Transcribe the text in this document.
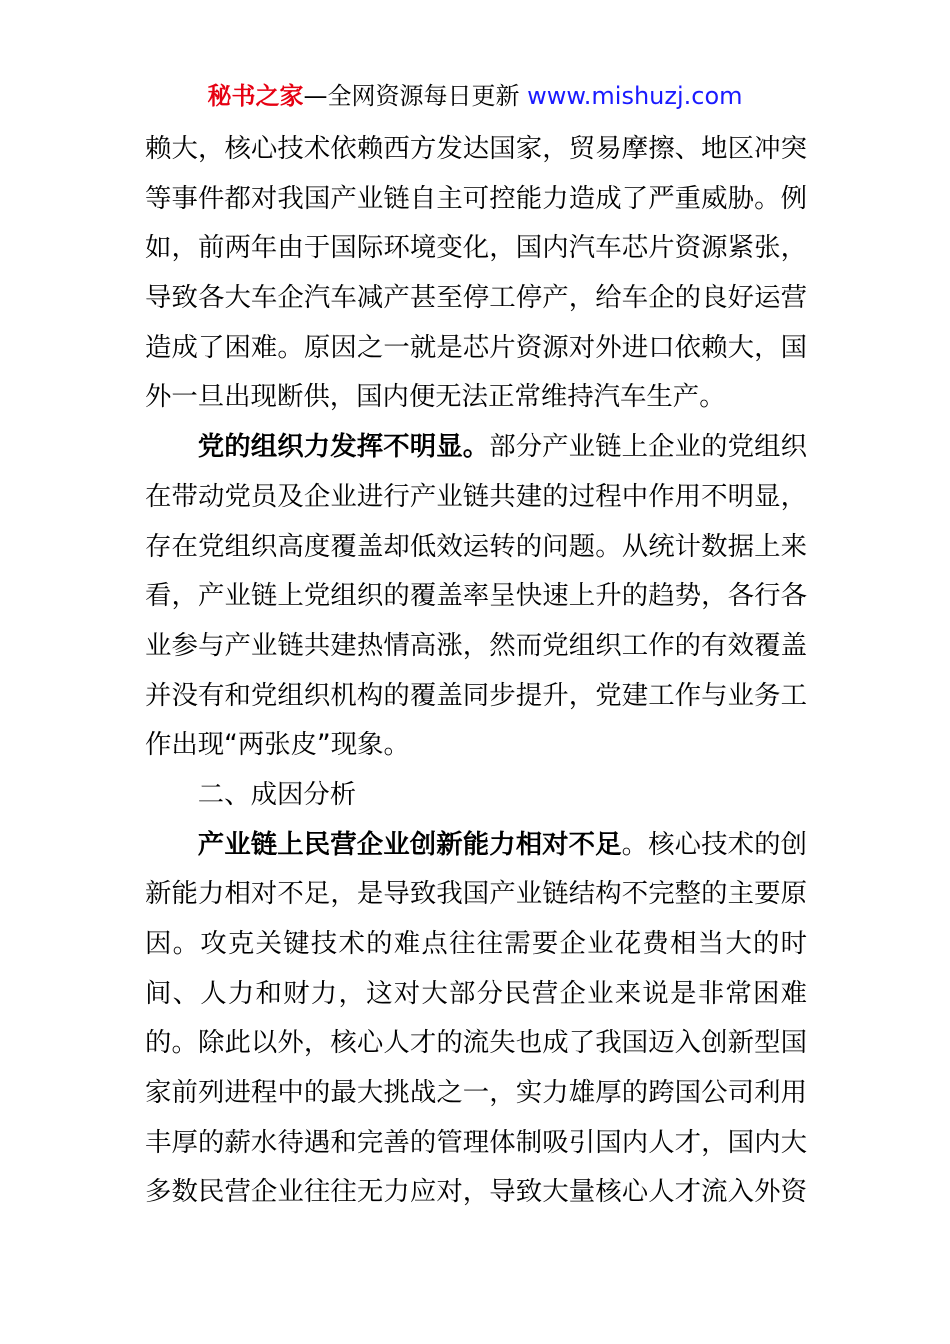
秘书之家—全网资源每日更新 www.mishuzj.com
赖大，核心技术依赖西方发达国家，贸易摩擦、地区冲突
等事件都对我国产业链自主可控能力造成了严重威胁。例
如，前两年由于国际环境变化，国内汽车芯片资源紧张，
导致各大车企汽车减产甚至停工停产，给车企的良好运营
造成了困难。原因之一就是芯片资源对外进口依赖大，国
外一旦出现断供，国内便无法正常维持汽车生产。
党的组织力发挥不明显。部分产业链上企业的党组织
在带动党员及企业进行产业链共建的过程中作用不明显，
存在党组织高度覆盖却低效运转的问题。从统计数据上来
看，产业链上党组织的覆盖率呈快速上升的趋势，各行各
业参与产业链共建热情高涨，然而党组织工作的有效覆盖
并没有和党组织机构的覆盖同步提升，党建工作与业务工
作出现“两张皮”现象。
二、成因分析
产业链上民营企业创新能力相对不足。核心技术的创
新能力相对不足，是导致我国产业链结构不完整的主要原
因。攻克关键技术的难点往往需要企业花费相当大的时
间、人力和财力，这对大部分民营企业来说是非常困难
的。除此以外，核心人才的流失也成了我国迈入创新型国
家前列进程中的最大挑战之一，实力雄厚的跨国公司利用
丰厚的薪水待遇和完善的管理体制吸引国内人才，国内大
多数民营企业往往无力应对，导致大量核心人才流入外资
